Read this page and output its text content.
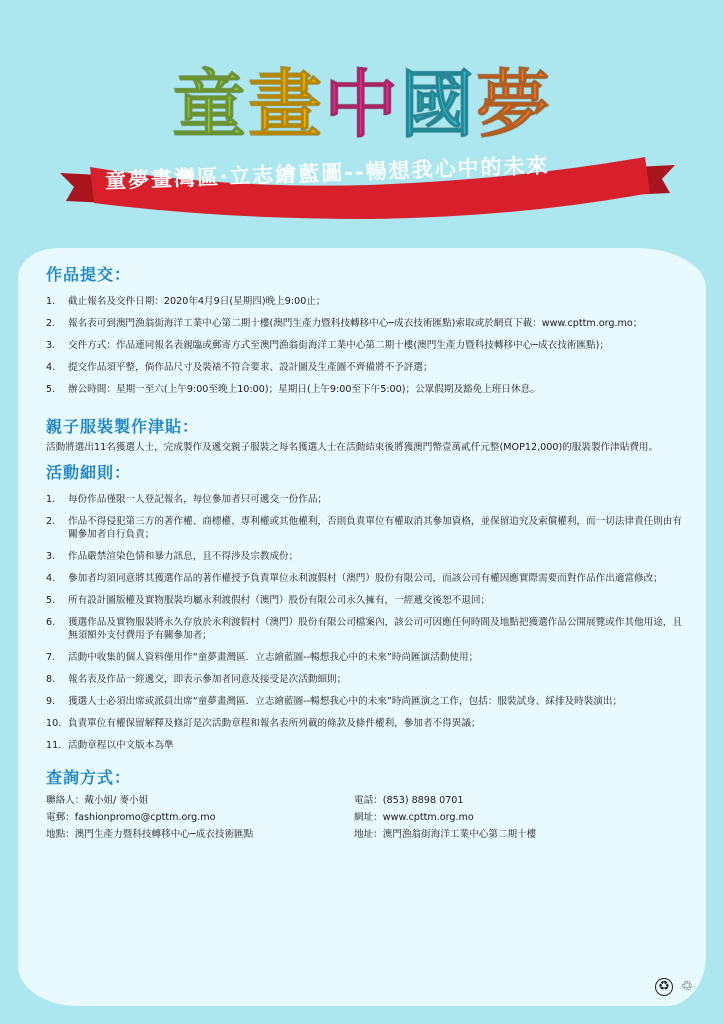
童畫中國夢
童夢畫灣區‧立志繪藍圖--暢想我心中的未來
作品提交：
1. 截止報名及交件日期：2020年4月9日(星期四)晚上9:00止；
2. 報名表可到澳門漁翁街海洋工業中心第二期十樓(澳門生產力暨科技轉移中心─成衣技術匯點)索取或於網頁下載：www.cpttm.org.mo；
3. 交件方式：作品連同報名表親臨或郵寄方式至澳門漁翁街海洋工業中心第二期十樓(澳門生產力暨科技轉移中心─成衣技術匯點)；
4. 提交作品須平整，倘作品尺寸及裝裱不符合要求、設計圖及生產圖不齊備將不予評選；
5. 辦公時間：星期一至六(上午9:00至晚上10:00)；星期日(上午9:00至下午5:00)；公眾假期及豁免上班日休息。
親子服裝製作津貼：
活動將選出11名獲選人士，完成製作及遞交親子服裝之每名獲選人士在活動結束後將獲澳門幣壹萬貳仟元整(MOP12,000)的服裝製作津貼費用。
活動細則：
1. 每份作品僅限一人登記報名，每位參加者只可遞交一份作品；
2. 作品不得侵犯第三方的著作權、商標權、專利權或其他權利，否則負責單位有權取消其參加資格，並保留追究及索償權利，而一切法律責任則由有關參加者自行負責；
3. 作品嚴禁渲染色情和暴力訊息，且不得涉及宗教成份；
4. 參加者均須同意將其獲選作品的著作權授予負責單位永利渡假村（澳門）股份有限公司，而該公司有權因應實際需要而對作品作出適當修改；
5. 所有設計圖版權及實物服裝均屬永利渡假村（澳門）股份有限公司永久擁有，一經遞交後恕不退回；
6. 獲選作品及實物服裝將永久存放於永利渡假村（澳門）股份有限公司檔案內，該公司可因應任何時間及地點把獲選作品公開展覽或作其他用途，且無須額外支付費用予有關參加者；
7. 活動中收集的個人資料僅用作“童夢畫灣區．立志繪藍圖--暢想我心中的未來”時尚匯演活動使用；
8. 報名表及作品一經遞交，即表示參加者同意及接受是次活動細則；
9. 獲選人士必須出席或派員出席“童夢畫灣區．立志繪藍圖--暢想我心中的未來”時尚匯演之工作，包括：服裝試身、綵排及時裝演出；
10. 負責單位有權保留解釋及修訂是次活動章程和報名表所列載的條款及條件權利，參加者不得異議；
11. 活動章程以中文版本為準
查詢方式：
聯絡人：戴小姐/ 麥小姐	電話：(853) 8898 0701
電郵：fashionpromo@cpttm.org.mo	網址：www.cpttm.org.mo
地點：澳門生產力暨科技轉移中心─成衣技術匯點	地址：澳門漁翁街海洋工業中心第二期十樓
♻ ♲
